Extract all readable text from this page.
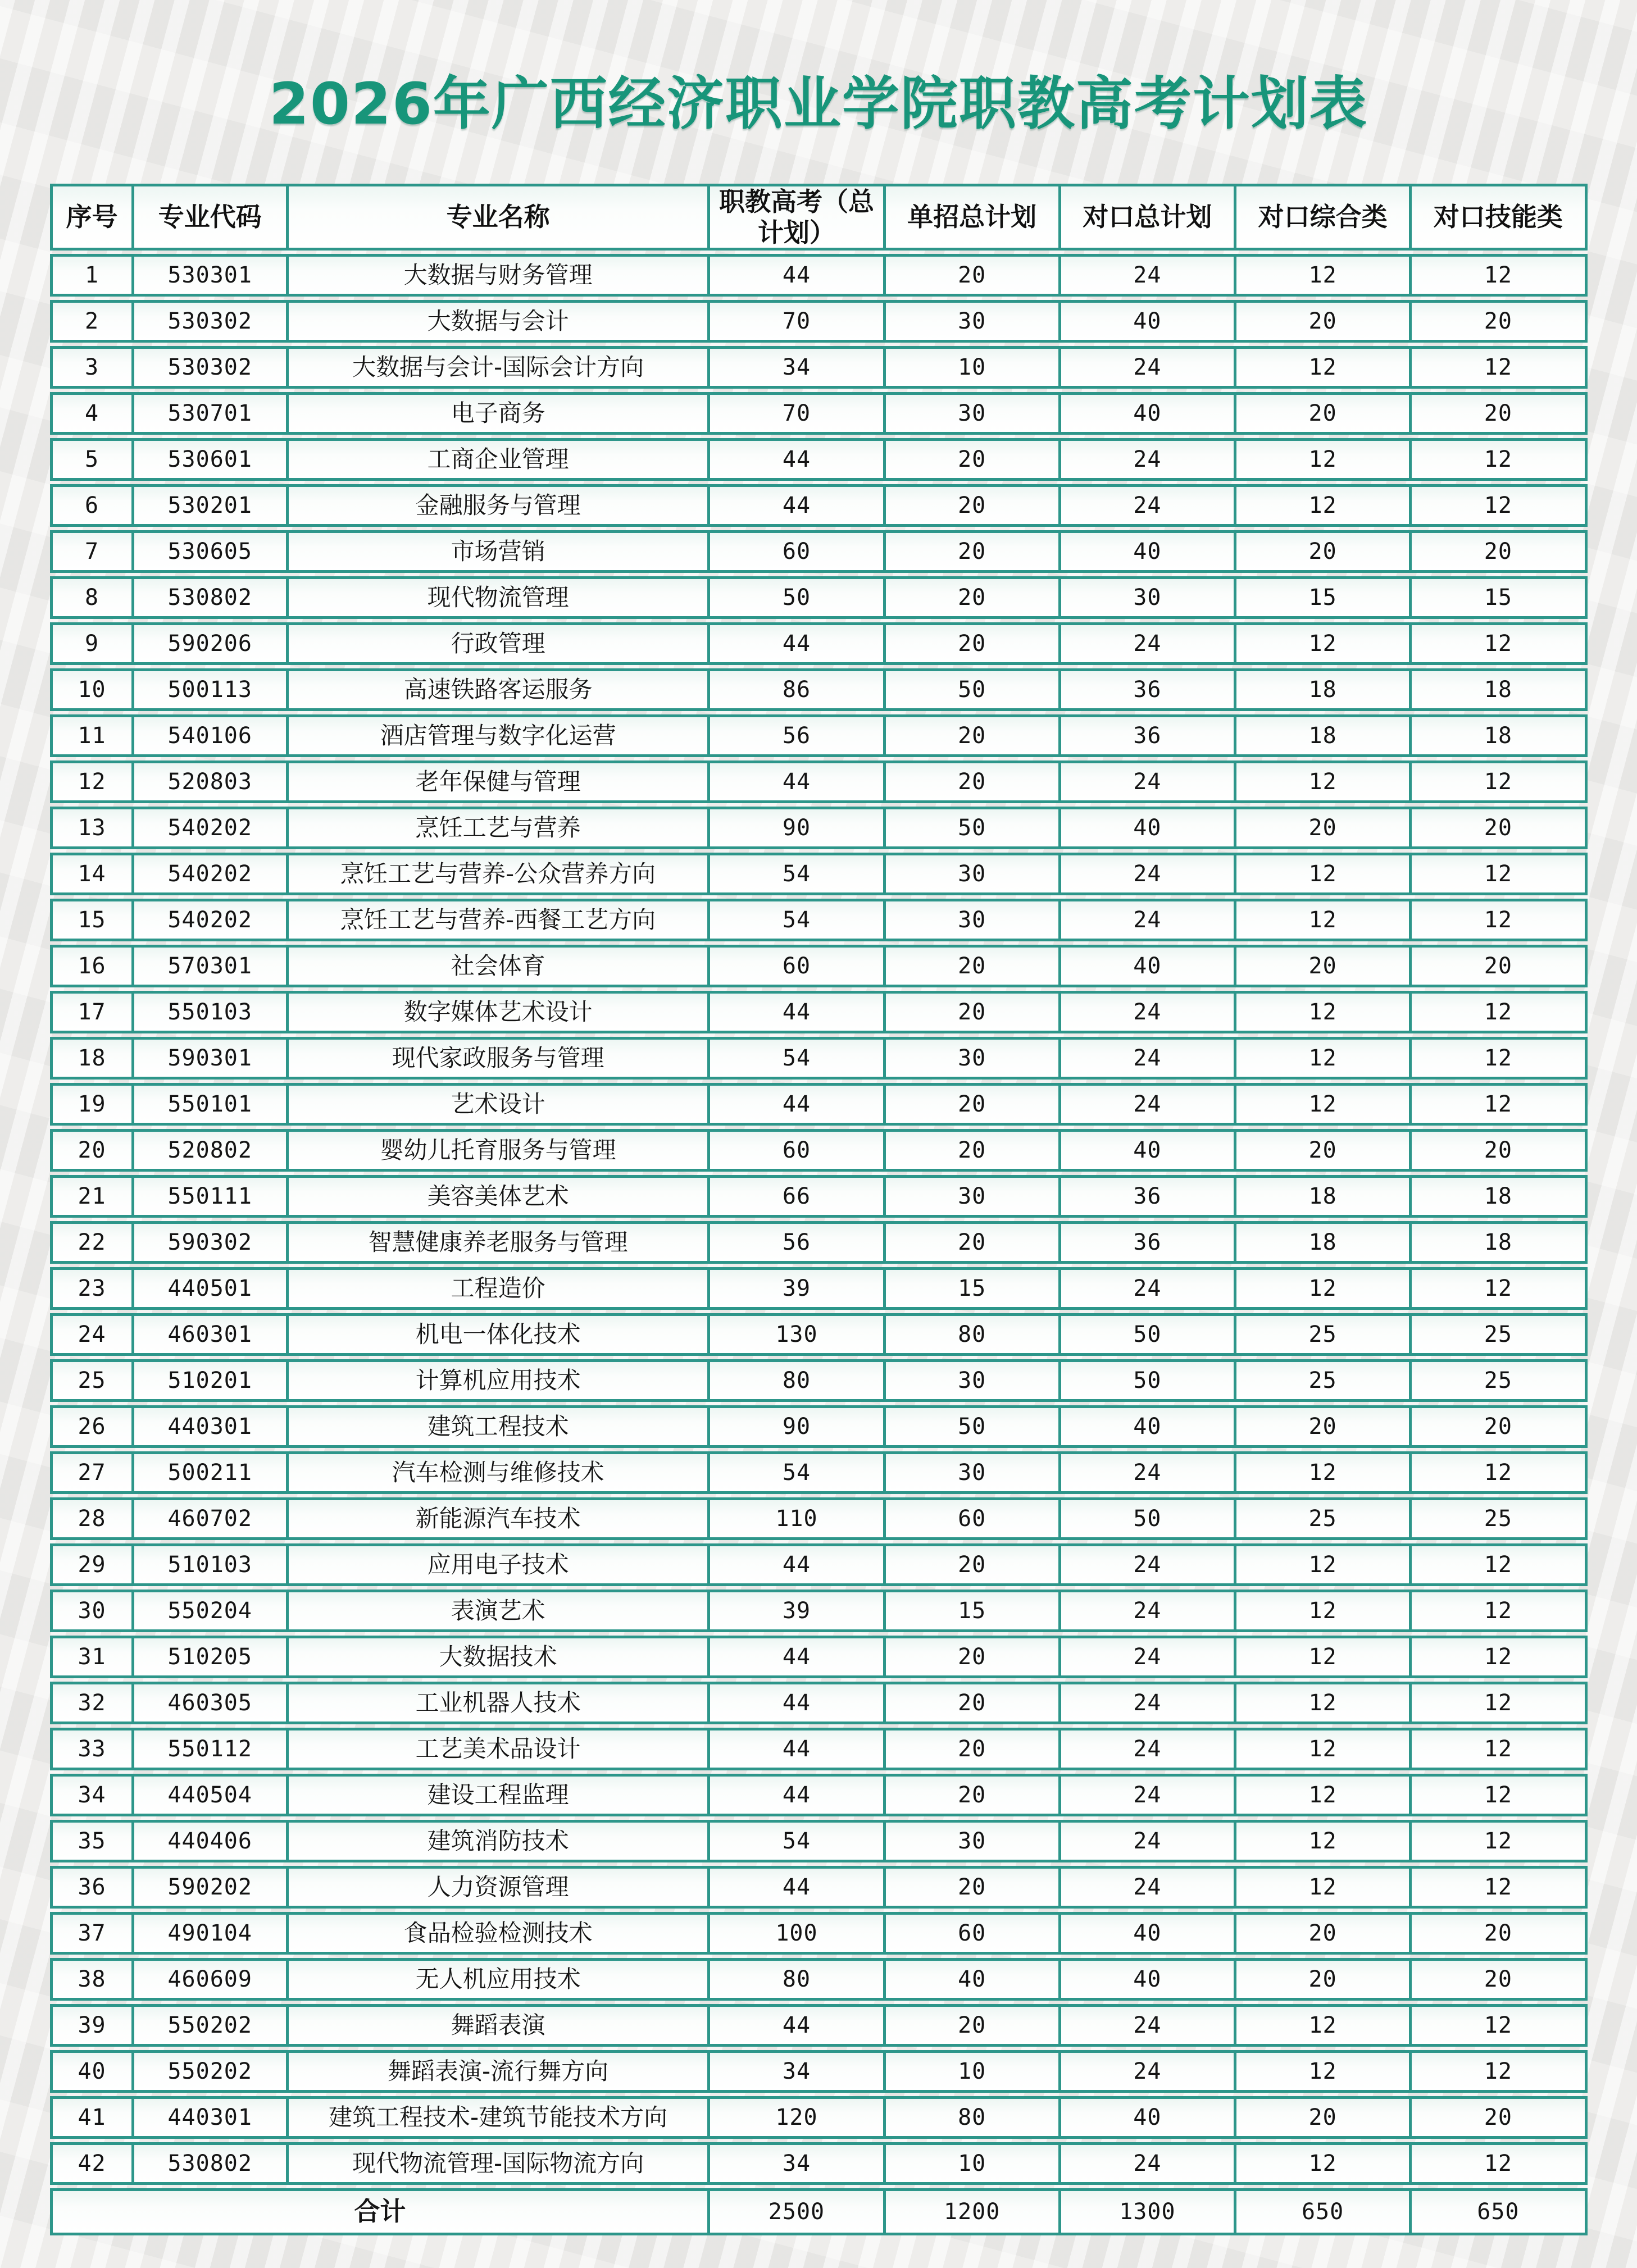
2026年广西经济职业学院职教高考计划表
序号	专业代码	专业名称	职教高考（总计划）	单招总计划	对口总计划	对口综合类	对口技能类
1	530301	大数据与财务管理	44	20	24	12	12
2	530302	大数据与会计	70	30	40	20	20
3	530302	大数据与会计-国际会计方向	34	10	24	12	12
4	530701	电子商务	70	30	40	20	20
5	530601	工商企业管理	44	20	24	12	12
6	530201	金融服务与管理	44	20	24	12	12
7	530605	市场营销	60	20	40	20	20
8	530802	现代物流管理	50	20	30	15	15
9	590206	行政管理	44	20	24	12	12
10	500113	高速铁路客运服务	86	50	36	18	18
11	540106	酒店管理与数字化运营	56	20	36	18	18
12	520803	老年保健与管理	44	20	24	12	12
13	540202	烹饪工艺与营养	90	50	40	20	20
14	540202	烹饪工艺与营养-公众营养方向	54	30	24	12	12
15	540202	烹饪工艺与营养-西餐工艺方向	54	30	24	12	12
16	570301	社会体育	60	20	40	20	20
17	550103	数字媒体艺术设计	44	20	24	12	12
18	590301	现代家政服务与管理	54	30	24	12	12
19	550101	艺术设计	44	20	24	12	12
20	520802	婴幼儿托育服务与管理	60	20	40	20	20
21	550111	美容美体艺术	66	30	36	18	18
22	590302	智慧健康养老服务与管理	56	20	36	18	18
23	440501	工程造价	39	15	24	12	12
24	460301	机电一体化技术	130	80	50	25	25
25	510201	计算机应用技术	80	30	50	25	25
26	440301	建筑工程技术	90	50	40	20	20
27	500211	汽车检测与维修技术	54	30	24	12	12
28	460702	新能源汽车技术	110	60	50	25	25
29	510103	应用电子技术	44	20	24	12	12
30	550204	表演艺术	39	15	24	12	12
31	510205	大数据技术	44	20	24	12	12
32	460305	工业机器人技术	44	20	24	12	12
33	550112	工艺美术品设计	44	20	24	12	12
34	440504	建设工程监理	44	20	24	12	12
35	440406	建筑消防技术	54	30	24	12	12
36	590202	人力资源管理	44	20	24	12	12
37	490104	食品检验检测技术	100	60	40	20	20
38	460609	无人机应用技术	80	40	40	20	20
39	550202	舞蹈表演	44	20	24	12	12
40	550202	舞蹈表演-流行舞方向	34	10	24	12	12
41	440301	建筑工程技术-建筑节能技术方向	120	80	40	20	20
42	530802	现代物流管理-国际物流方向	34	10	24	12	12
合计			2500	1200	1300	650	650
